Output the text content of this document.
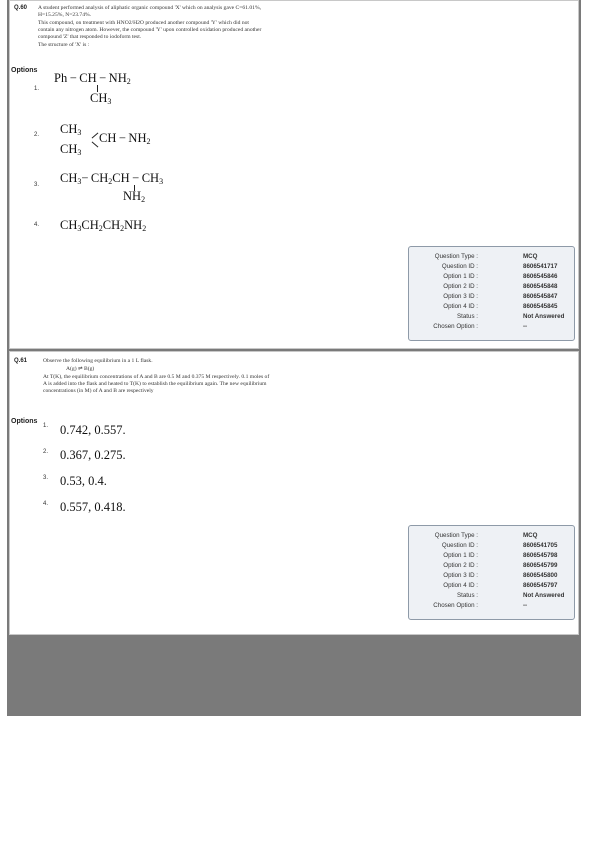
Q.60 A student performed analysis of aliphatic organic compound 'X' which on analysis gave C=61.01%,
H=15.25%, N=23.74%.
This compound, on treatment with HNO2/H2O produced another compound 'Y' which did not
contain any nitrogen atom. However, the compound 'Y' upon controlled oxidation produced another
compound 'Z' that responded to iodoform test.
The structure of 'X' is :
Options
1.
Ph − CH − $NH_2$
$CH_3$
2. $CH_3$ CH − $NH_2$
$CH_3$
3. $CH_3- CH_2CH - CH_3$
$NH_2$
4. $CH_3CH_2CH_2NH_2$
Question Type :	MCQ
Question ID :	8606541717
Option 1 ID :	8606545846
Option 2 ID :	8606545848
Option 3 ID :	8606545847
Option 4 ID :	8606545845
Status :	Not Answered
Chosen Option :	--
Q.61	Observe the following equilibrium in a 1 L flask.
A(g) ⇌ B(g)
At T(K), the equilibrium concentrations of A and B are 0.5 M and 0.375 M respectively. 0.1 moles of
A is added into the flask and heated to T(K) to establish the equilibrium again. The new equilibrium
concentrations (in M) of A and B are respectively
Options
1. 0.742, 0.557.
2. 0.367, 0.275.
3. 0.53, 0.4.
4. 0.557, 0.418.
Question Type :	MCQ
Question ID :	8606541705
Option 1 ID :	8606545798
Option 2 ID :	8606545799
Option 3 ID :	8606545800
Option 4 ID :	8606545797
Status :	Not Answered
Chosen Option :	--
